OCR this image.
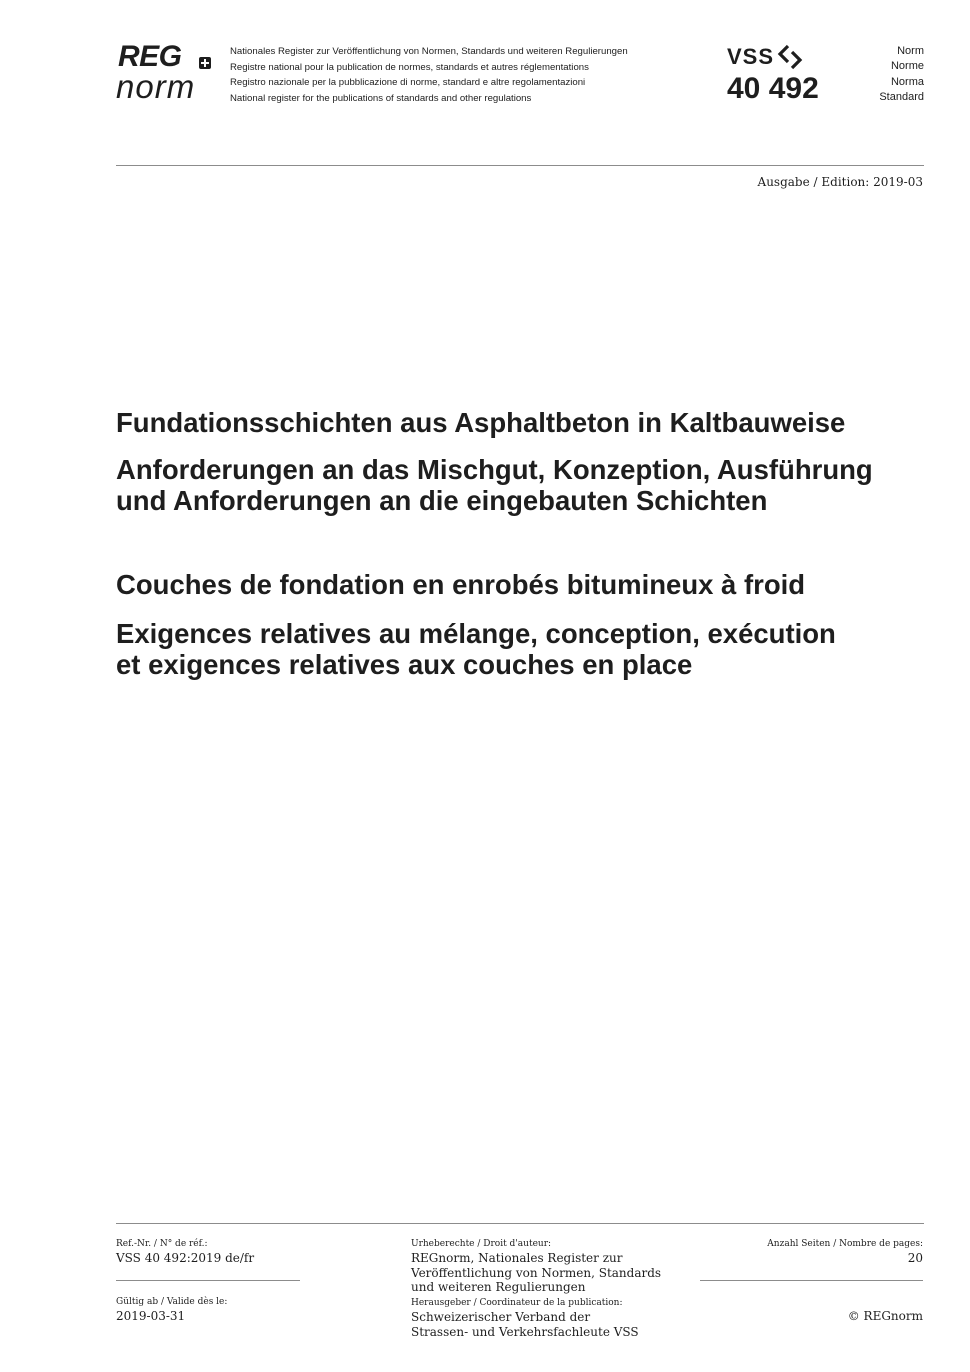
REG
norm
Nationales Register zur Veröffentlichung von Normen, Standards und weiteren Regulierungen
Registre national pour la publication de normes, standards et autres réglementations
Registro nazionale per la pubblicazione di norme, standard e altre regolamentazioni
National register for the publications of standards and other regulations
VSS
40 492
Norm
Norme
Norma
Standard
Ausgabe / Edition: 2019-03
Fundationsschichten aus Asphaltbeton in Kaltbauweise
Anforderungen an das Mischgut, Konzeption, Ausführung
und Anforderungen an die eingebauten Schichten
Couches de fondation en enrobés bitumineux à froid
Exigences relatives au mélange, conception, exécution
et exigences relatives aux couches en place
Ref.-Nr. / N° de réf.:
VSS 40 492:2019 de/fr
Gültig ab / Valide dès le:
2019-03-31
Urheberechte / Droit d'auteur:
REGnorm, Nationales Register zur
Veröffentlichung von Normen, Standards
und weiteren Regulierungen
Herausgeber / Coordinateur de la publication:
Schweizerischer Verband der
Strassen- und Verkehrsfachleute VSS
Anzahl Seiten / Nombre de pages:
20
© REGnorm
